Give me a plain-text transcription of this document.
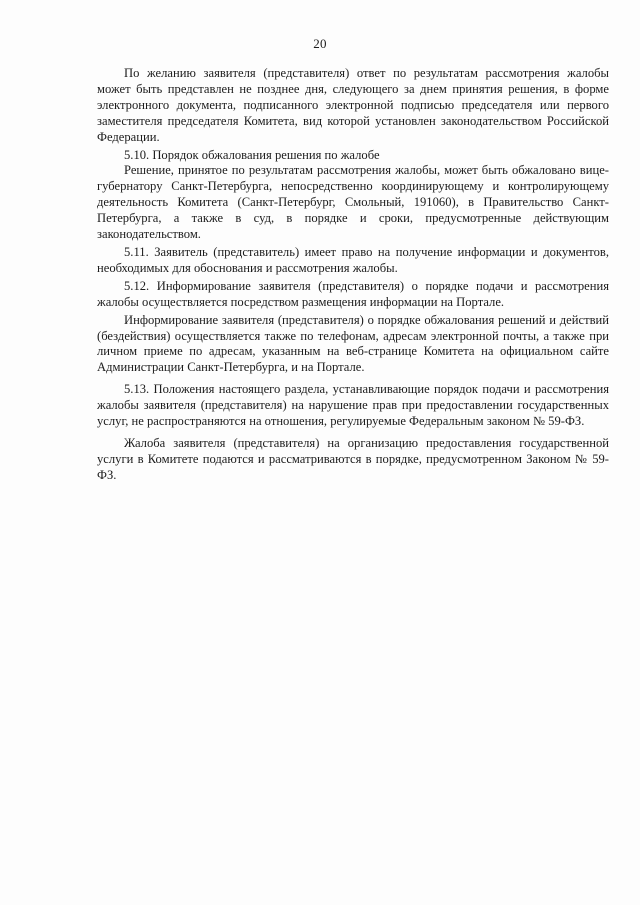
20

По желанию заявителя (представителя) ответ по результатам рассмотрения жалобы может быть представлен не позднее дня, следующего за днем принятия решения, в форме электронного документа, подписанного электронной подписью председателя или первого заместителя председателя Комитета, вид которой установлен законодательством Российской Федерации.

5.10. Порядок обжалования решения по жалобе

Решение, принятое по результатам рассмотрения жалобы, может быть обжаловано вице-губернатору Санкт-Петербурга, непосредственно координирующему и контролирующему деятельность Комитета (Санкт-Петербург, Смольный, 191060), в Правительство Санкт-Петербурга, а также в суд, в порядке и сроки, предусмотренные действующим законодательством.

5.11. Заявитель (представитель) имеет право на получение информации и документов, необходимых для обоснования и рассмотрения жалобы.

5.12. Информирование заявителя (представителя) о порядке подачи и рассмотрения жалобы осуществляется посредством размещения информации на Портале.

Информирование заявителя (представителя) о порядке обжалования решений и действий (бездействия) осуществляется также по телефонам, адресам электронной почты, а также при личном приеме по адресам, указанным на веб-странице Комитета на официальном сайте Администрации Санкт-Петербурга, и на Портале.

5.13. Положения настоящего раздела, устанавливающие порядок подачи и рассмотрения жалобы заявителя (представителя) на нарушение прав при предоставлении государственных услуг, не распространяются на отношения, регулируемые Федеральным законом № 59-ФЗ.

Жалоба заявителя (представителя) на организацию предоставления государственной услуги в Комитете подаются и рассматриваются в порядке, предусмотренном Законом № 59-ФЗ.
